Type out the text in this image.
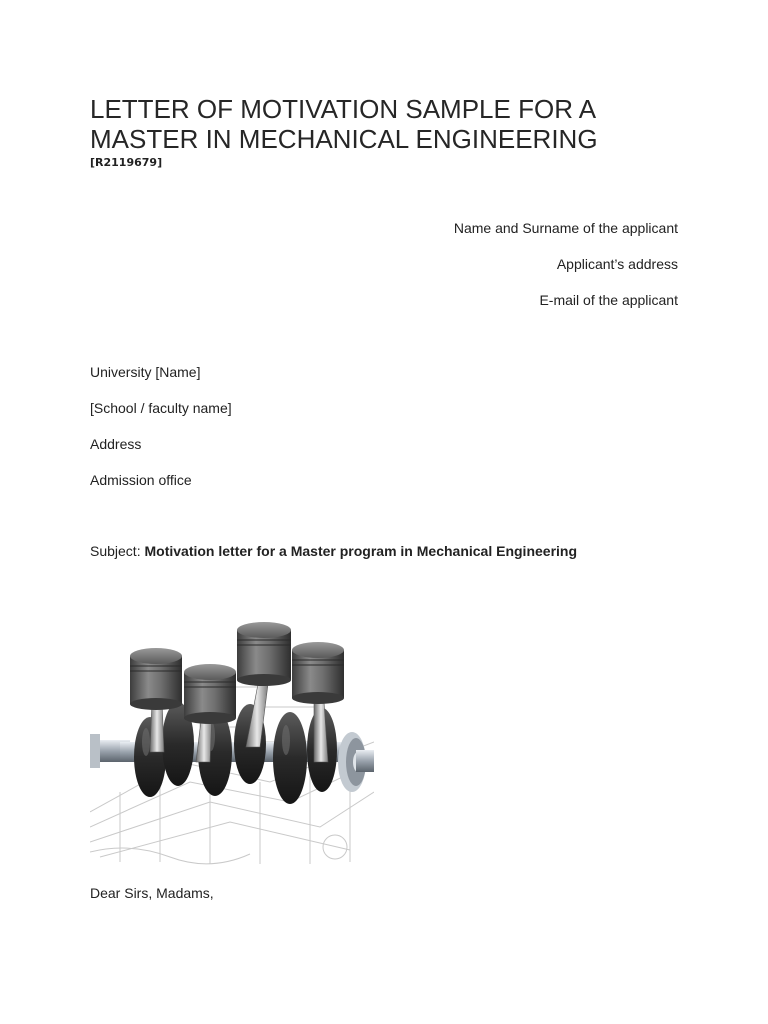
LETTER OF MOTIVATION SAMPLE FOR A
MASTER IN MECHANICAL ENGINEERING
[R2119679]
Name and Surname of the applicant
Applicant’s address
E-mail of the applicant
University [Name]
[School / faculty name]
Address
Admission office
Subject: Motivation letter for a Master program in Mechanical Engineering
Dear Sirs, Madams,
